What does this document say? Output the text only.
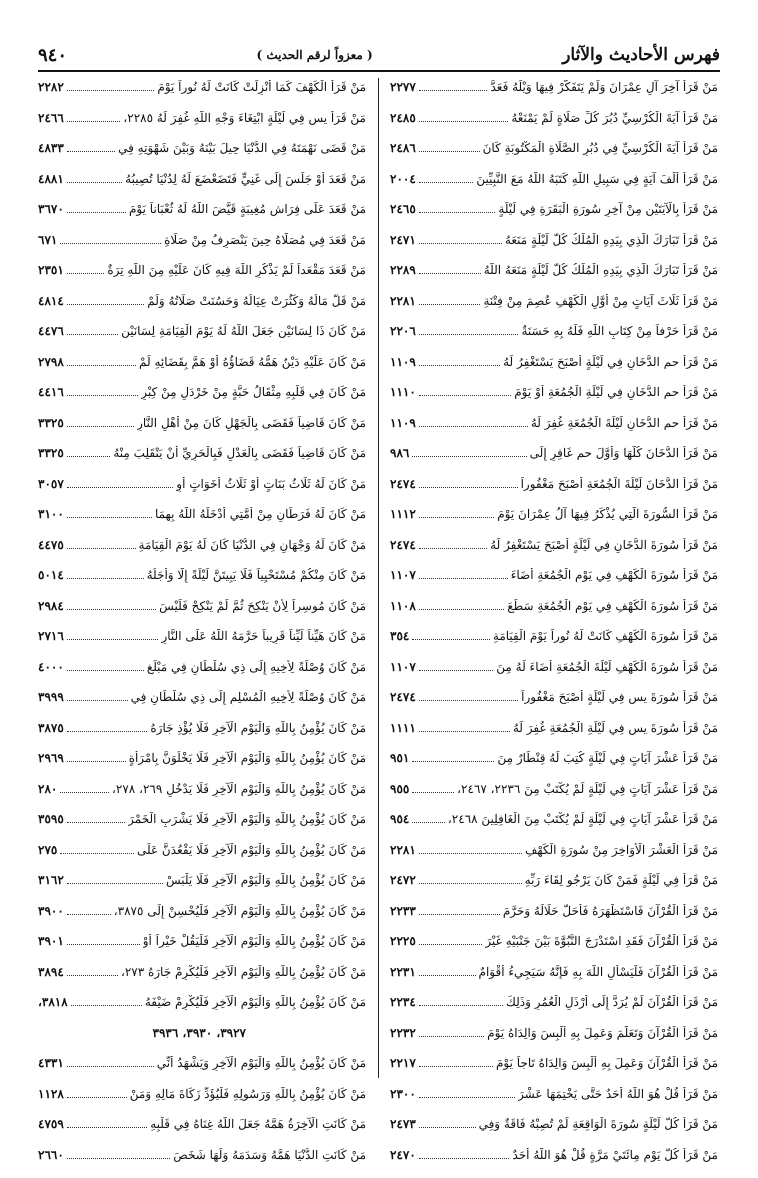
فهرس الأحاديث والآثار
( معزواً لرقم الحديث )
٩٤٠
مَنْ قَرَأَ آخِرَ آلِ عِمْرَانَ وَلَمْ يَتَفَكَّرْ فِيهَا وَيْلَهُ فَعَدَّ
٢٢٧٧
مَنْ قَرَأَ آيَةَ الْكُرْسِيِّ دُبُرَ كُلِّ صَلَاةٍ لَمْ يَمْنَعْهُ
٢٤٨٥
مَنْ قَرَأَ آيَةَ الْكُرْسِيِّ فِي دُبُرِ الصَّلَاةِ الْمَكْتُوبَةِ كَانَ
٢٤٨٦
مَنْ قَرَأَ أَلْفَ آيَةٍ فِي سَبِيلِ اللَّهِ كَتَبَهُ اللَّهُ مَعَ النَّبِيِّينَ
٢٠٠٤
مَنْ قَرَأَ بِالْآيَتَيْنِ مِنْ آخِرِ سُورَةِ الْبَقَرَةِ فِي لَيْلَةٍ
٢٤٦٥
مَنْ قَرَأَ تَبَارَكَ الَّذِي بِيَدِهِ الْمُلْكُ كُلَّ لَيْلَةٍ مَنَعَهُ
٢٤٧١
مَنْ قَرَأَ تَبَارَكَ الَّذِي بِيَدِهِ الْمُلْكُ كُلَّ لَيْلَةٍ مَنَعَهُ اللَّهُ
٢٢٨٩
مَنْ قَرَأَ ثَلَاثَ آيَاتٍ مِنْ أَوَّلِ الْكَهْفِ عُصِمَ مِنْ فِتْنَةِ
٢٢٨١
مَنْ قَرَأَ حَرْفاً مِنْ كِتَابِ اللَّهِ فَلَهُ بِهِ حَسَنَةٌ
٢٢٠٦
مَنْ قَرَأَ حم الدُّخَانِ فِي لَيْلَةٍ أَصْبَحَ يَسْتَغْفِرُ لَهُ
١١٠٩
مَنْ قَرَأَ حم الدُّخَانِ فِي لَيْلَةِ الْجُمُعَةِ أَوْ يَوْمَ
١١١٠
مَنْ قَرَأَ حم الدُّخَانِ لَيْلَةَ الْجُمُعَةِ غُفِرَ لَهُ
١١٠٩
مَنْ قَرَأَ الدُّخَانَ كُلَّهَا وَأَوَّلَ حم غَافِرٍ إِلَى
٩٨٦
مَنْ قَرَأَ الدُّخَانَ لَيْلَةَ الْجُمُعَةِ أَصْبَحَ مَغْفُوراً
٢٤٧٤
مَنْ قَرَأَ السُّورَةَ الَّتِي يُذْكَرُ فِيهَا آلُ عِمْرَانَ يَوْمَ
١١١٢
مَنْ قَرَأَ سُورَةَ الدُّخَانِ فِي لَيْلَةٍ أَصْبَحَ يَسْتَغْفِرُ لَهُ
٢٤٧٤
مَنْ قَرَأَ سُورَةَ الْكَهْفِ فِي يَوْمِ الْجُمُعَةِ أَضَاءَ
١١٠٧
مَنْ قَرَأَ سُورَةَ الْكَهْفِ فِي يَوْمِ الْجُمُعَةِ سَطَعَ
١١٠٨
مَنْ قَرَأَ سُورَةَ الْكَهْفِ كَانَتْ لَهُ نُوراً يَوْمَ الْقِيَامَةِ
٣٥٤
مَنْ قَرَأَ سُورَةَ الْكَهْفِ لَيْلَةَ الْجُمُعَةِ أَضَاءَ لَهُ مِنَ
١١٠٧
مَنْ قَرَأَ سُورَةَ يس فِي لَيْلَةٍ أَصْبَحَ مَغْفُوراً
٢٤٧٤
مَنْ قَرَأَ سُورَةَ يس فِي لَيْلَةِ الْجُمُعَةِ غُفِرَ لَهُ
١١١١
مَنْ قَرَأَ عَشْرَ آيَاتٍ فِي لَيْلَةٍ كُتِبَ لَهُ قِنْطَارٌ مِنَ
٩٥١
مَنْ قَرَأَ عَشْرَ آيَاتٍ فِي لَيْلَةٍ لَمْ يُكْتَبْ مِنَ ٢٢٣٦، ٢٤٦٧،
٩٥٥
مَنْ قَرَأَ عَشْرَ آيَاتٍ فِي لَيْلَةٍ لَمْ يُكْتَبْ مِنَ الْغَافِلِينَ ٢٤٦٨،
٩٥٤
مَنْ قَرَأَ الْعَشْرَ الْأَوَاخِرَ مِنْ سُورَةِ الْكَهْفِ
٢٢٨١
مَنْ قَرَأَ فِي لَيْلَةٍ فَمَنْ كَانَ يَرْجُو لِقَاءَ رَبِّهِ
٢٤٧٢
مَنْ قَرَأَ الْقُرْآنَ فَاسْتَظْهَرَهُ فَأَحَلَّ حَلَالَهُ وَحَرَّمَ
٢٢٣٣
مَنْ قَرَأَ الْقُرْآنَ فَقَدِ اسْتَدْرَجَ النُّبُوَّةَ بَيْنَ جَنْبَيْهِ غَيْرَ
٢٢٢٥
مَنْ قَرَأَ الْقُرْآنَ فَلْيَسْأَلِ اللَّهَ بِهِ فَإِنَّهُ سَيَجِيءُ أَقْوَامٌ
٢٢٣١
مَنْ قَرَأَ الْقُرْآنَ لَمْ يُرَدَّ إِلَى أَرْذَلِ الْعُمُرِ وَذَلِكَ
٢٢٣٤
مَنْ قَرَأَ الْقُرْآنَ وَتَعَلَّمَ وَعَمِلَ بِهِ أُلْبِسَ وَالِدَاهُ يَوْمَ
٢٢٣٢
مَنْ قَرَأَ الْقُرْآنَ وَعَمِلَ بِهِ أُلْبِسَ وَالِدَاهُ تَاجاً يَوْمَ
٢٢١٧
مَنْ قَرَأَ قُلْ هُوَ اللَّهُ أَحَدٌ حَتَّى يَخْتِمَهَا عَشْرَ
٢٣٠٠
مَنْ قَرَأَ كُلَّ لَيْلَةٍ سُورَةَ الْوَاقِعَةِ لَمْ تُصِبْهُ فَاقَةٌ وَفِي
٢٤٧٣
مَنْ قَرَأَ كُلَّ يَوْمٍ مِائَتَيْ مَرَّةٍ قُلْ هُوَ اللَّهُ أَحَدٌ
٢٤٧٠
مَنْ قَرَأَ الْكَهْفَ كَمَا أُنْزِلَتْ كَانَتْ لَهُ نُوراً يَوْمَ
٢٢٨٢
مَنْ قَرَأَ يس فِي لَيْلَةٍ ابْتِغَاءَ وَجْهِ اللَّهِ غُفِرَ لَهُ ٢٢٨٥،
٢٤٦٦
مَنْ قَضَى نَهْمَتَهُ فِي الدُّنْيَا حِيلَ بَيْنَهُ وَبَيْنَ شَهْوَتِهِ فِي
٤٨٣٣
مَنْ قَعَدَ أَوْ جَلَسَ إِلَى غَنِيٍّ فَتَضَعْضَعَ لَهُ لِدُنْيَا تُصِيبُهُ
٤٨٨١
مَنْ قَعَدَ عَلَى فِرَاشِ مُغِيبَةٍ قَيَّضَ اللَّهُ لَهُ ثُعْبَاناً يَوْمَ
٣٦٧٠
مَنْ قَعَدَ فِي مُصَلَّاهُ حِينَ يَنْصَرِفُ مِنْ صَلَاةِ
٦٧١
مَنْ قَعَدَ مَقْعَداً لَمْ يَذْكُرِ اللَّهَ فِيهِ كَانَ عَلَيْهِ مِنَ اللَّهِ تِرَةٌ
٢٣٥١
مَنْ قَلَّ مَالُهُ وَكَثُرَتْ عِيَالُهُ وَحَسُنَتْ صَلَاتُهُ وَلَمْ
٤٨١٤
مَنْ كَانَ ذَا لِسَانَيْنِ جَعَلَ اللَّهُ لَهُ يَوْمَ الْقِيَامَةِ لِسَانَيْنِ
٤٤٧٦
مَنْ كَانَ عَلَيْهِ دَيْنٌ هَمُّهُ قَضَاؤُهُ أَوْ هَمَّ بِقَضَائِهِ لَمْ
٢٧٩٨
مَنْ كَانَ فِي قَلْبِهِ مِثْقَالُ حَبَّةٍ مِنْ خَرْدَلٍ مِنْ كِبْرٍ
٤٤١٦
مَنْ كَانَ قَاضِياً فَقَضَى بِالْجَهْلِ كَانَ مِنْ أَهْلِ النَّارِ
٣٣٢٥
مَنْ كَانَ قَاضِياً فَقَضَى بِالْعَدْلِ فَبِالْحَرِيِّ أَنْ يَنْقَلِبَ مِنْهُ
٣٣٢٥
مَنْ كَانَ لَهُ ثَلَاثُ بَنَاتٍ أَوْ ثَلَاثُ أَخَوَاتٍ أَوِ
٣٠٥٧
مَنْ كَانَ لَهُ فَرَطَانِ مِنْ أُمَّتِي أَدْخَلَهُ اللَّهُ بِهِمَا
٣١٠٠
مَنْ كَانَ لَهُ وَجْهَانِ فِي الدُّنْيَا كَانَ لَهُ يَوْمَ الْقِيَامَةِ
٤٤٧٥
مَنْ كَانَ مِنْكُمْ مُسْتَحْيِياً فَلَا يَبِيتَنَّ لَيْلَةً إِلَّا وَأَجَلُهُ
٥٠١٤
مَنْ كَانَ مُوسِراً لِأَنْ يَنْكِحَ ثُمَّ لَمْ يَنْكِحْ فَلَيْسَ
٢٩٨٤
مَنْ كَانَ هَيِّناً لَيِّناً قَرِيباً حَرَّمَهُ اللَّهُ عَلَى النَّارِ
٢٧١٦
مَنْ كَانَ وُصْلَةً لِأَخِيهِ إِلَى ذِي سُلْطَانٍ فِي مَبْلَغِ
٤٠٠٠
مَنْ كَانَ وُصْلَةً لِأَخِيهِ الْمُسْلِمِ إِلَى ذِي سُلْطَانٍ فِي
٣٩٩٩
مَنْ كَانَ يُؤْمِنُ بِاللَّهِ وَالْيَوْمِ الْآخِرِ فَلَا يُؤْذِ جَارَهُ
٣٨٧٥
مَنْ كَانَ يُؤْمِنُ بِاللَّهِ وَالْيَوْمِ الْآخِرِ فَلَا يَخْلُوَنَّ بِامْرَأَةٍ
٢٩٦٩
مَنْ كَانَ يُؤْمِنُ بِاللَّهِ وَالْيَوْمِ الْآخِرِ فَلَا يَدْخُلِ ٢٦٩، ٢٧٨،
٢٨٠
مَنْ كَانَ يُؤْمِنُ بِاللَّهِ وَالْيَوْمِ الْآخِرِ فَلَا يَشْرَبِ الْخَمْرَ
٣٥٩٥
مَنْ كَانَ يُؤْمِنُ بِاللَّهِ وَالْيَوْمِ الْآخِرِ فَلَا يَقْعُدَنَّ عَلَى
٢٧٥
مَنْ كَانَ يُؤْمِنُ بِاللَّهِ وَالْيَوْمِ الْآخِرِ فَلَا يَلْبَسْ
٣١٦٢
مَنْ كَانَ يُؤْمِنُ بِاللَّهِ وَالْيَوْمِ الْآخِرِ فَلْيُحْسِنْ إِلَى ٣٨٧٥،
٣٩٠٠
مَنْ كَانَ يُؤْمِنُ بِاللَّهِ وَالْيَوْمِ الْآخِرِ فَلْيَقُلْ خَيْراً أَوْ
٣٩٠١
مَنْ كَانَ يُؤْمِنُ بِاللَّهِ وَالْيَوْمِ الْآخِرِ فَلْيُكْرِمْ جَارَهُ ٢٧٣،
٣٨٩٤
مَنْ كَانَ يُؤْمِنُ بِاللَّهِ وَالْيَوْمِ الْآخِرِ فَلْيُكْرِمْ ضَيْفَهُ
٣٨١٨،
٣٩٢٧، ٣٩٣٠، ٣٩٣٦
مَنْ كَانَ يُؤْمِنُ بِاللَّهِ وَالْيَوْمِ الْآخِرِ وَيَشْهَدُ أَنِّي
٤٣٣١
مَنْ كَانَ يُؤْمِنُ بِاللَّهِ وَرَسُولِهِ فَلْيُؤَدِّ زَكَاةَ مَالِهِ وَمَنْ
١١٢٨
مَنْ كَانَتِ الْآخِرَةُ هَمَّهُ جَعَلَ اللَّهُ غِنَاهُ فِي قَلْبِهِ
٤٧٥٩
مَنْ كَانَتِ الدُّنْيَا هَمَّهُ وَسَدَمَهُ وَلَهَا شَخَصَ
٢٦٦٠
